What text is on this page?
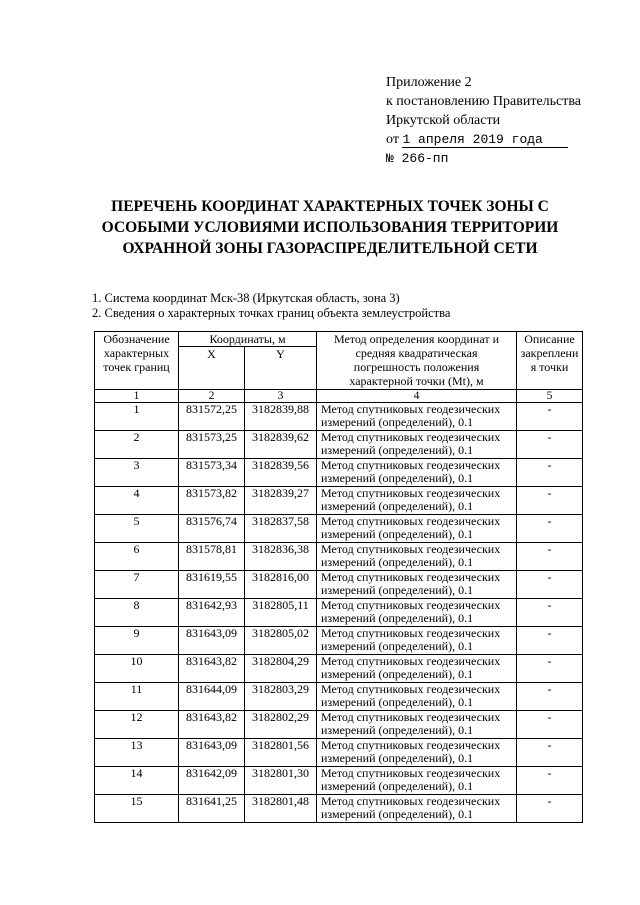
Приложение 2
к постановлению Правительства
Иркутской области
от 1 апреля 2019 года
№ 266-пп
ПЕРЕЧЕНЬ КООРДИНАТ ХАРАКТЕРНЫХ ТОЧЕК ЗОНЫ С
ОСОБЫМИ УСЛОВИЯМИ ИСПОЛЬЗОВАНИЯ ТЕРРИТОРИИ
ОХРАННОЙ ЗОНЫ ГАЗОРАСПРЕДЕЛИТЕЛЬНОЙ СЕТИ
1. Система координат Мск-38 (Иркутская область, зона 3)
2. Сведения о характерных точках границ объекта землеустройства
Обозначение
характерных
точек границ	Координаты, м		Метод определения координат и
средняя квадратическая
погрешность положения
характерной точки (Mt), м	Описание
закреплени
я точки

	X	Y		
1	2	3	4	5
1	831572,25	3182839,88	Метод спутниковых геодезических
измерений (определений), 0.1	-
2	831573,25	3182839,62	Метод спутниковых геодезических
измерений (определений), 0.1	-
3	831573,34	3182839,56	Метод спутниковых геодезических
измерений (определений), 0.1	-
4	831573,82	3182839,27	Метод спутниковых геодезических
измерений (определений), 0.1	-
5	831576,74	3182837,58	Метод спутниковых геодезических
измерений (определений), 0.1	-
6	831578,81	3182836,38	Метод спутниковых геодезических
измерений (определений), 0.1	-
7	831619,55	3182816,00	Метод спутниковых геодезических
измерений (определений), 0.1	-
8	831642,93	3182805,11	Метод спутниковых геодезических
измерений (определений), 0.1	-
9	831643,09	3182805,02	Метод спутниковых геодезических
измерений (определений), 0.1	-
10	831643,82	3182804,29	Метод спутниковых геодезических
измерений (определений), 0.1	-
11	831644,09	3182803,29	Метод спутниковых геодезических
измерений (определений), 0.1	-
12	831643,82	3182802,29	Метод спутниковых геодезических
измерений (определений), 0.1	-
13	831643,09	3182801,56	Метод спутниковых геодезических
измерений (определений), 0.1	-
14	831642,09	3182801,30	Метод спутниковых геодезических
измерений (определений), 0.1	-
15	831641,25	3182801,48	Метод спутниковых геодезических
измерений (определений), 0.1	-
